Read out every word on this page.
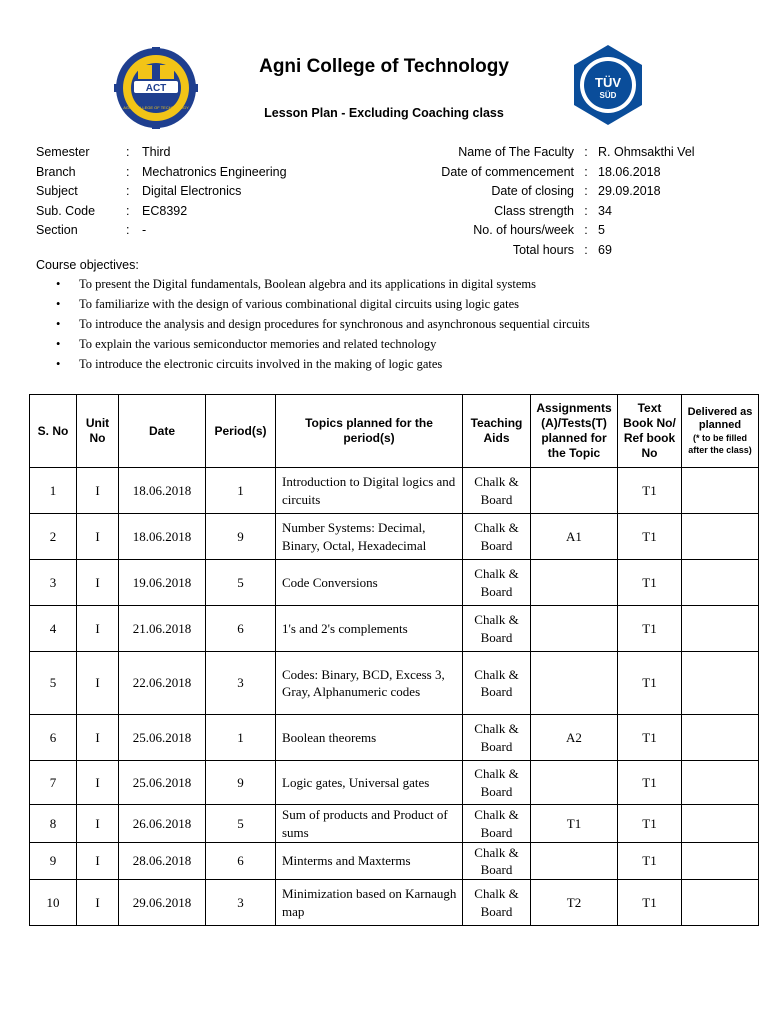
ACT
AGNI COLLEGE OF TECHNOLOGY
TÜV
SÜD
Agni College of Technology
Lesson Plan - Excluding Coaching class
Semester	:	Third
Branch	:	Mechatronics Engineering
Subject	:	Digital Electronics
Sub. Code	:	EC8392
Section	:	-
Name of The Faculty : R. Ohmsakthi Vel
Date of commencement : 18.06.2018
Date of closing : 29.09.2018
Class strength : 34
No. of hours/week : 5
Total hours : 69
Course objectives:
• To present the Digital fundamentals, Boolean algebra and its applications in digital systems
• To familiarize with the design of various combinational digital circuits using logic gates
• To introduce the analysis and design procedures for synchronous and asynchronous sequential circuits
• To explain the various semiconductor memories and related technology
• To introduce the electronic circuits involved in the making of logic gates
S. No	Unit No	Date	Period(s)	Topics planned for the period(s)	Teaching Aids	Assignments (A)/Tests(T) planned for the Topic	Text Book No/ Ref book No	Delivered as planned
(* to be filled after the class)
1	I	18.06.2018	1	Introduction to Digital logics and circuits	Chalk & Board		T1	
2	I	18.06.2018	9	Number Systems: Decimal, Binary, Octal, Hexadecimal	Chalk & Board	A1	T1	
3	I	19.06.2018	5	Code Conversions	Chalk & Board		T1	
4	I	21.06.2018	6	1's and 2's complements	Chalk & Board		T1	
5	I	22.06.2018	3	Codes: Binary, BCD, Excess 3, Gray, Alphanumeric codes	Chalk & Board		T1	
6	I	25.06.2018	1	Boolean theorems	Chalk & Board	A2	T1	
7	I	25.06.2018	9	Logic gates, Universal gates	Chalk & Board		T1	
8	I	26.06.2018	5	Sum of products and Product of sums	Chalk & Board	T1	T1	
9	I	28.06.2018	6	Minterms and Maxterms	Chalk & Board		T1	
10	I	29.06.2018	3	Minimization based on Karnaugh map	Chalk & Board	T2	T1	
